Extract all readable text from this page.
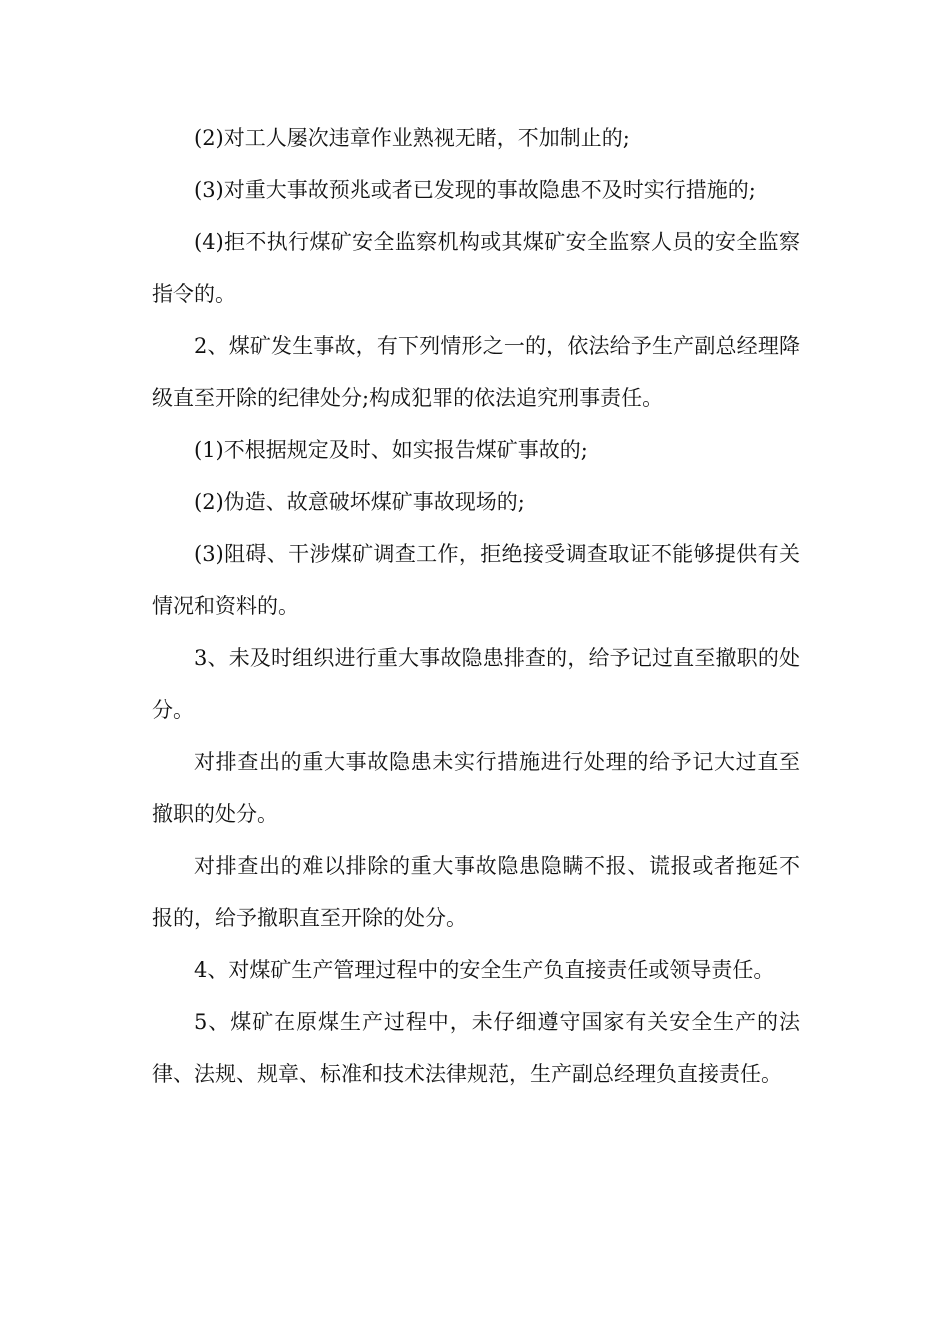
(2)对工人屡次违章作业熟视无睹，不加制止的;

(3)对重大事故预兆或者已发现的事故隐患不及时实行措施的;

(4)拒不执行煤矿安全监察机构或其煤矿安全监察人员的安全监察指令的。

2、煤矿发生事故，有下列情形之一的，依法给予生产副总经理降级直至开除的纪律处分;构成犯罪的依法追究刑事责任。

(1)不根据规定及时、如实报告煤矿事故的;

(2)伪造、故意破坏煤矿事故现场的;

(3)阻碍、干涉煤矿调查工作，拒绝接受调查取证不能够提供有关情况和资料的。

3、未及时组织进行重大事故隐患排查的，给予记过直至撤职的处分。

对排查出的重大事故隐患未实行措施进行处理的给予记大过直至撤职的处分。

对排查出的难以排除的重大事故隐患隐瞒不报、谎报或者拖延不报的，给予撤职直至开除的处分。

4、对煤矿生产管理过程中的安全生产负直接责任或领导责任。

5、煤矿在原煤生产过程中，未仔细遵守国家有关安全生产的法律、法规、规章、标准和技术法律规范，生产副总经理负直接责任。
